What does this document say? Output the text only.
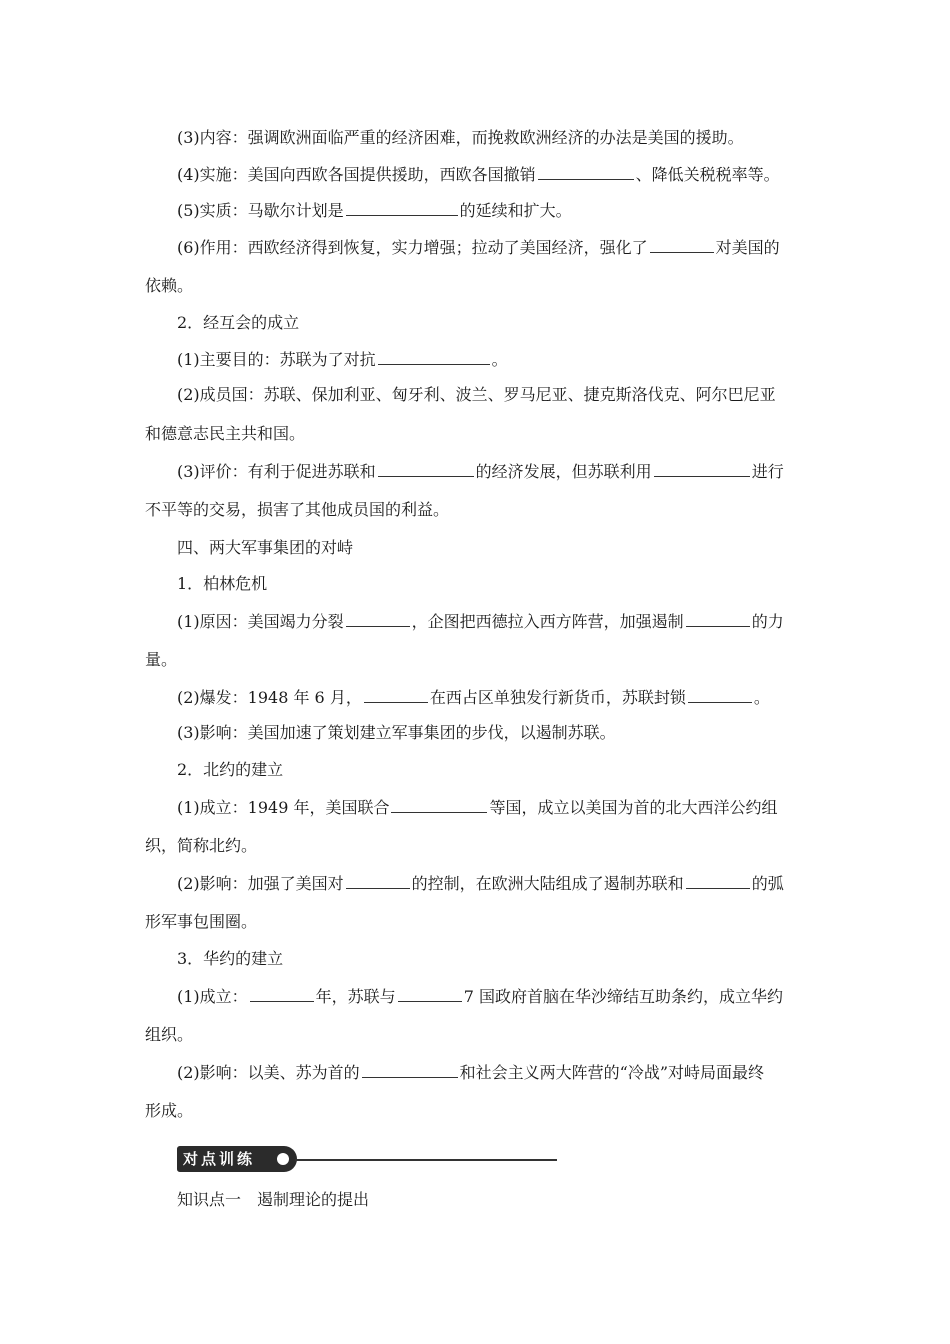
(3)内容：强调欧洲面临严重的经济困难，而挽救欧洲经济的办法是美国的援助。
(4)实施：美国向西欧各国提供援助，西欧各国撤销	、降低关税税率等。
(5)实质：马歇尔计划是	的延续和扩大。
(6)作用：西欧经济得到恢复，实力增强；拉动了美国经济，强化了	对美国的
依赖。
2．经互会的成立
(1)主要目的：苏联为了对抗	。
(2)成员国：苏联、保加利亚、匈牙利、波兰、罗马尼亚、捷克斯洛伐克、阿尔巴尼亚
和德意志民主共和国。
(3)评价：有利于促进苏联和	的经济发展，但苏联利用	进行
不平等的交易，损害了其他成员国的利益。
四、两大军事集团的对峙
1．柏林危机
(1)原因：美国竭力分裂	，企图把西德拉入西方阵营，加强遏制	的力
量。
(2)爆发：1948 年 6 月，	在西占区单独发行新货币，苏联封锁	。
(3)影响：美国加速了策划建立军事集团的步伐，以遏制苏联。
2．北约的建立
(1)成立：1949 年，美国联合	等国，成立以美国为首的北大西洋公约组
织，简称北约。
(2)影响：加强了美国对	的控制，在欧洲大陆组成了遏制苏联和	的弧
形军事包围圈。
3．华约的建立
(1)成立：	年，苏联与	7 国政府首脑在华沙缔结互助条约，成立华约
组织。
(2)影响：以美、苏为首的	和社会主义两大阵营的“冷战”对峙局面最终
形成。
对点训练
知识点一　遏制理论的提出
